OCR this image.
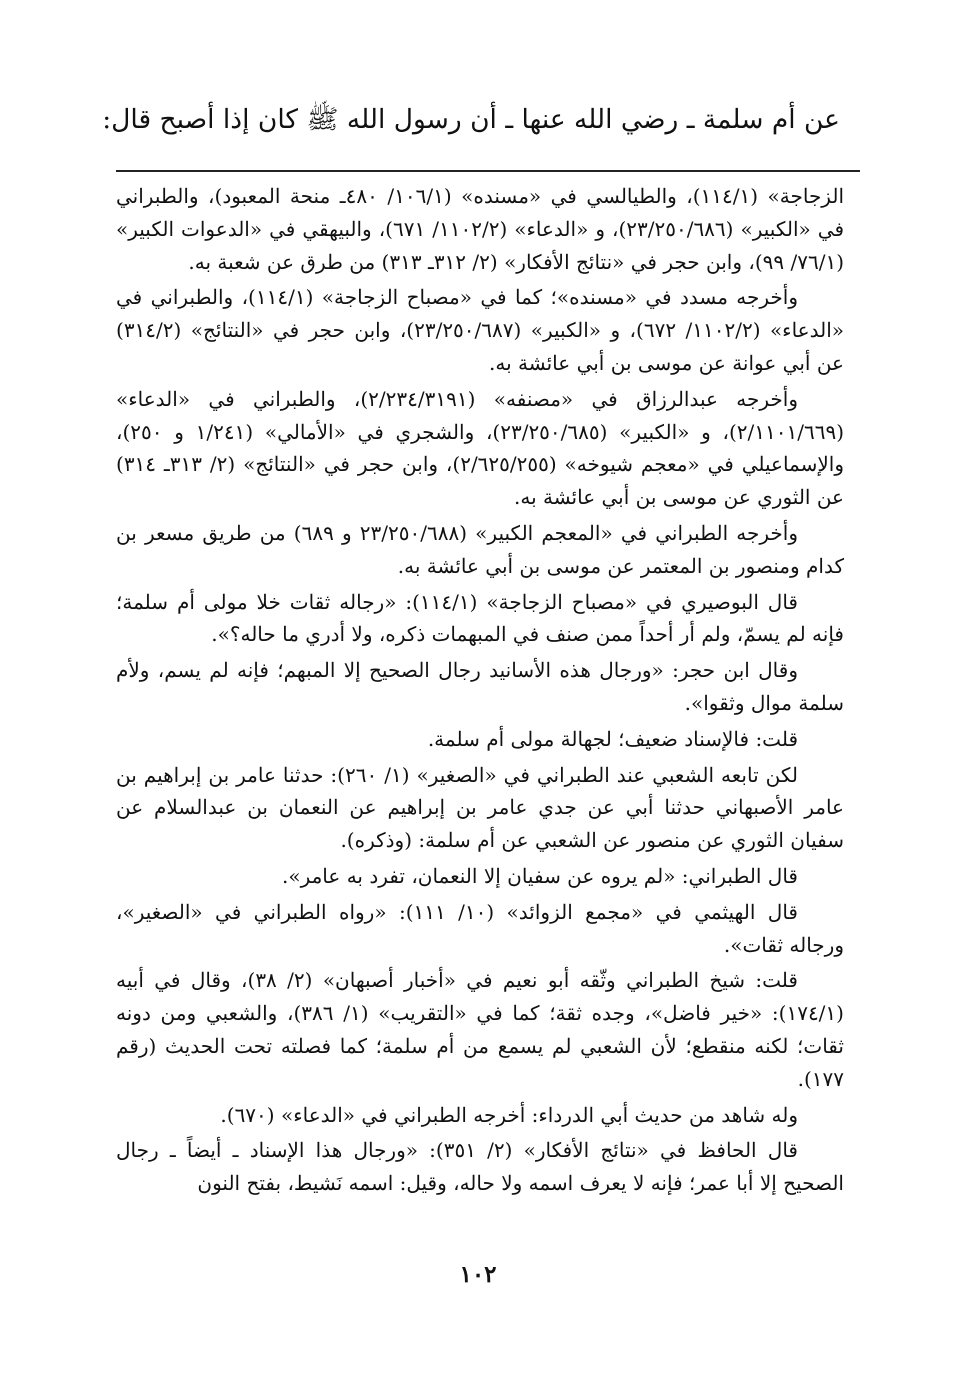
عن أم سلمة ـ رضي الله عنها ـ أن رسول الله ﷺ كان إذا أصبح قال:

الزجاجة» (١١٤/١)، والطيالسي في «مسنده» (١٠٦/١/ ٤٨٠ـ منحة المعبود)، والطبراني في «الكبير» (٢٣/٢٥٠/٦٨٦)، و «الدعاء» (١١٠٢/٢/ ٦٧١)، والبيهقي في «الدعوات الكبير» (٧٦/١/ ٩٩)، وابن حجر في «نتائج الأفكار» (٢/ ٣١٢ـ ٣١٣) من طرق عن شعبة به.

وأخرجه مسدد في «مسنده»؛ كما في «مصباح الزجاجة» (١١٤/١)، والطبراني في «الدعاء» (١١٠٢/٢/ ٦٧٢)، و «الكبير» (٢٣/٢٥٠/٦٨٧)، وابن حجر في «النتائج» (٣١٤/٢) عن أبي عوانة عن موسى بن أبي عائشة به.

وأخرجه عبدالرزاق في «مصنفه» (٢/٢٣٤/٣١٩١)، والطبراني في «الدعاء» (٢/١١٠١/٦٦٩)، و «الكبير» (٢٣/٢٥٠/٦٨٥)، والشجري في «الأمالي» (١/٢٤١ و ٢٥٠)، والإسماعيلي في «معجم شيوخه» (٢/٦٢٥/٢٥٥)، وابن حجر في «النتائج» (٢/ ٣١٣ـ ٣١٤) عن الثوري عن موسى بن أبي عائشة به.

وأخرجه الطبراني في «المعجم الكبير» (٢٣/٢٥٠/٦٨٨ و ٦٨٩) من طريق مسعر بن كدام ومنصور بن المعتمر عن موسى بن أبي عائشة به.

قال البوصيري في «مصباح الزجاجة» (١١٤/١): «رجاله ثقات خلا مولى أم سلمة؛ فإنه لم يسمّ، ولم أر أحداً ممن صنف في المبهمات ذكره، ولا أدري ما حاله؟».

وقال ابن حجر: «ورجال هذه الأسانيد رجال الصحيح إلا المبهم؛ فإنه لم يسم، ولأم سلمة موال وثقوا».

قلت: فالإسناد ضعيف؛ لجهالة مولى أم سلمة.

لكن تابعه الشعبي عند الطبراني في «الصغير» (١/ ٢٦٠): حدثنا عامر بن إبراهيم بن عامر الأصبهاني حدثنا أبي عن جدي عامر بن إبراهيم عن النعمان بن عبدالسلام عن سفيان الثوري عن منصور عن الشعبي عن أم سلمة: (وذكره).

قال الطبراني: «لم يروه عن سفيان إلا النعمان، تفرد به عامر».

قال الهيثمي في «مجمع الزوائد» (١٠/ ١١١): «رواه الطبراني في «الصغير»، ورجاله ثقات».

قلت: شيخ الطبراني وثّقه أبو نعيم في «أخبار أصبهان» (٢/ ٣٨)، وقال في أبيه (١٧٤/١): «خير فاضل»، وجده ثقة؛ كما في «التقريب» (١/ ٣٨٦)، والشعبي ومن دونه ثقات؛ لكنه منقطع؛ لأن الشعبي لم يسمع من أم سلمة؛ كما فصلته تحت الحديث (رقم ١٧٧).

وله شاهد من حديث أبي الدرداء: أخرجه الطبراني في «الدعاء» (٦٧٠).

قال الحافظ في «نتائج الأفكار» (٢/ ٣٥١): «ورجال هذا الإسناد ـ أيضاً ـ رجال الصحيح إلا أبا عمر؛ فإنه لا يعرف اسمه ولا حاله، وقيل: اسمه نَشيط، بفتح النون

١٠٢
